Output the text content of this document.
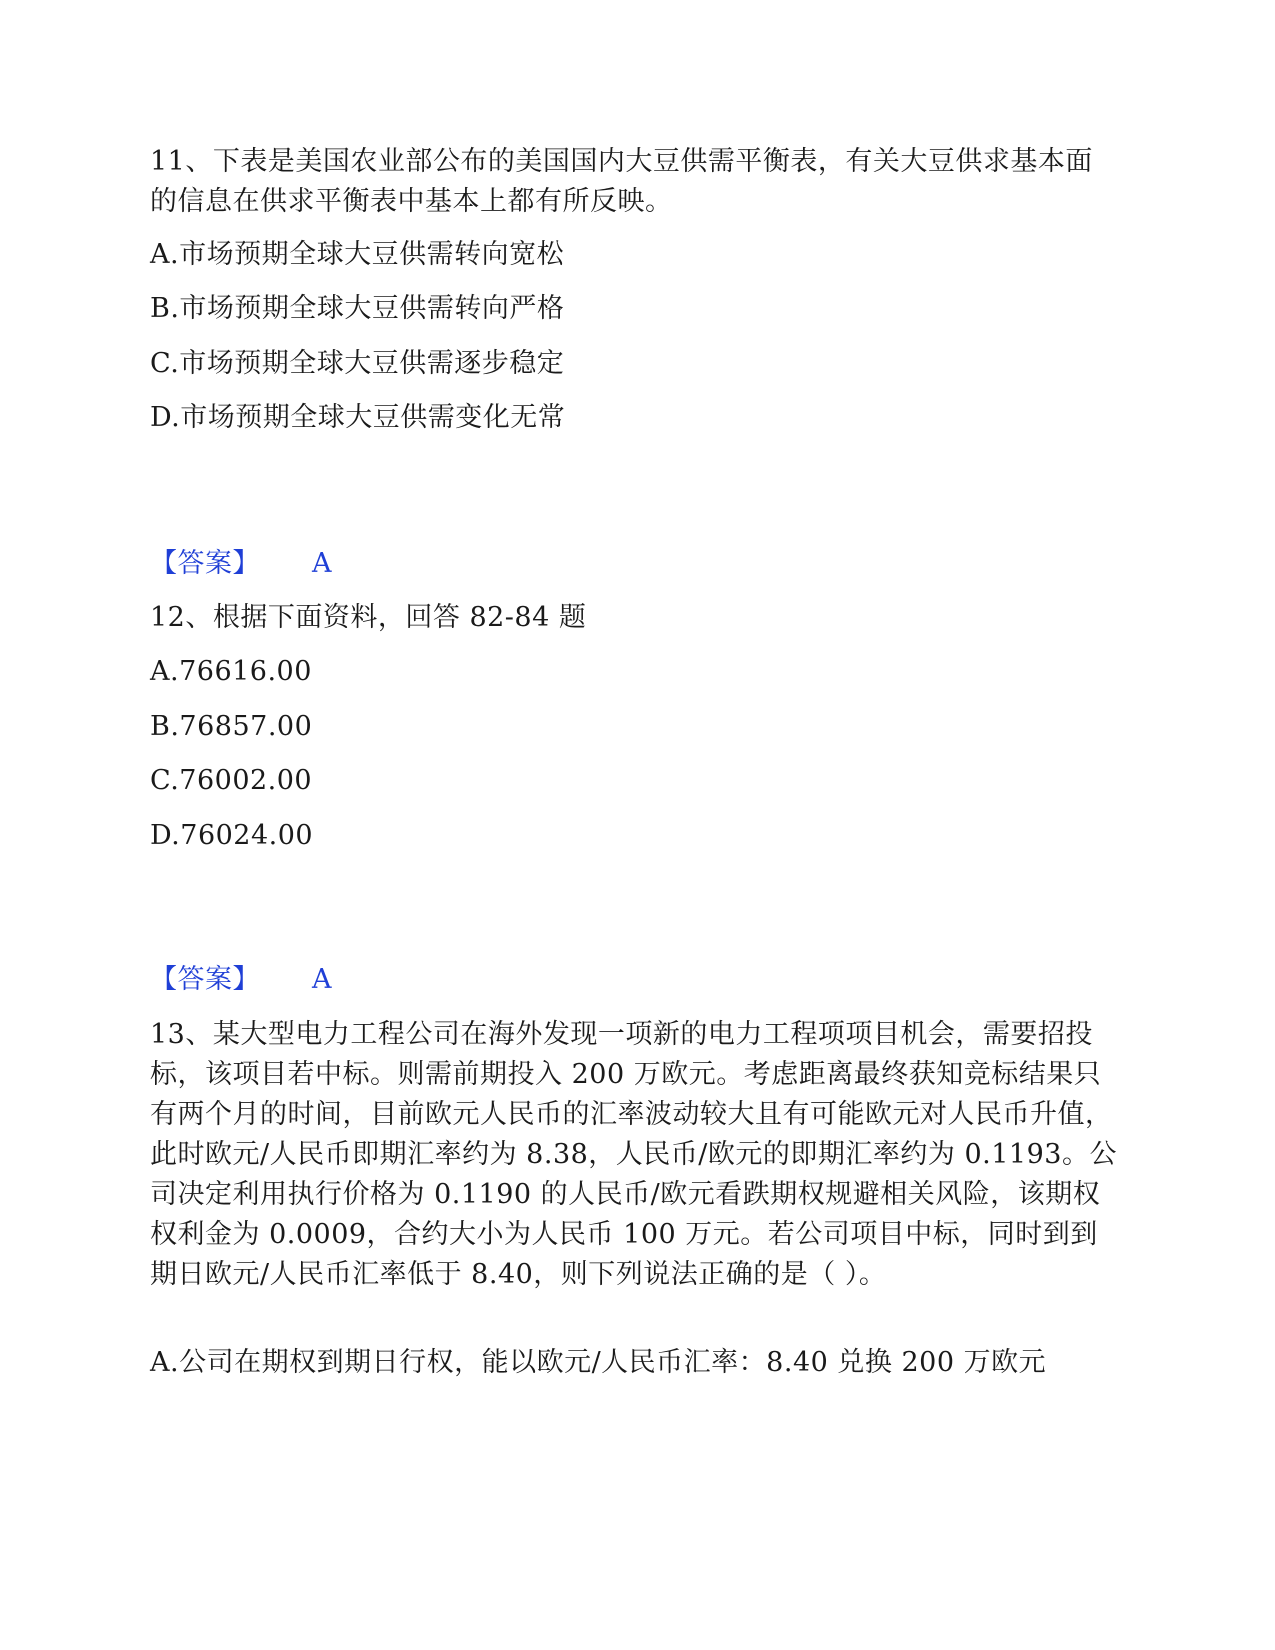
11、下表是美国农业部公布的美国国内大豆供需平衡表，有关大豆供求基本面的信息在供求平衡表中基本上都有所反映。
A.市场预期全球大豆供需转向宽松
B.市场预期全球大豆供需转向严格
C.市场预期全球大豆供需逐步稳定
D.市场预期全球大豆供需变化无常
【答案】 A
12、根据下面资料，回答 82-84 题
A.76616.00
B.76857.00
C.76002.00
D.76024.00
【答案】 A
13、某大型电力工程公司在海外发现一项新的电力工程项项目机会，需要招投标，该项目若中标。则需前期投入 200 万欧元。考虑距离最终获知竞标结果只有两个月的时间，目前欧元人民币的汇率波动较大且有可能欧元对人民币升值，此时欧元/人民币即期汇率约为 8.38，人民币/欧元的即期汇率约为 0.1193。公司决定利用执行价格为 0.1190 的人民币/欧元看跌期权规避相关风险，该期权权利金为 0.0009，合约大小为人民币 100 万元。若公司项目中标，同时到到期日欧元/人民币汇率低于 8.40，则下列说法正确的是（ ）。
A.公司在期权到期日行权，能以欧元/人民币汇率：8.40 兑换 200 万欧元
